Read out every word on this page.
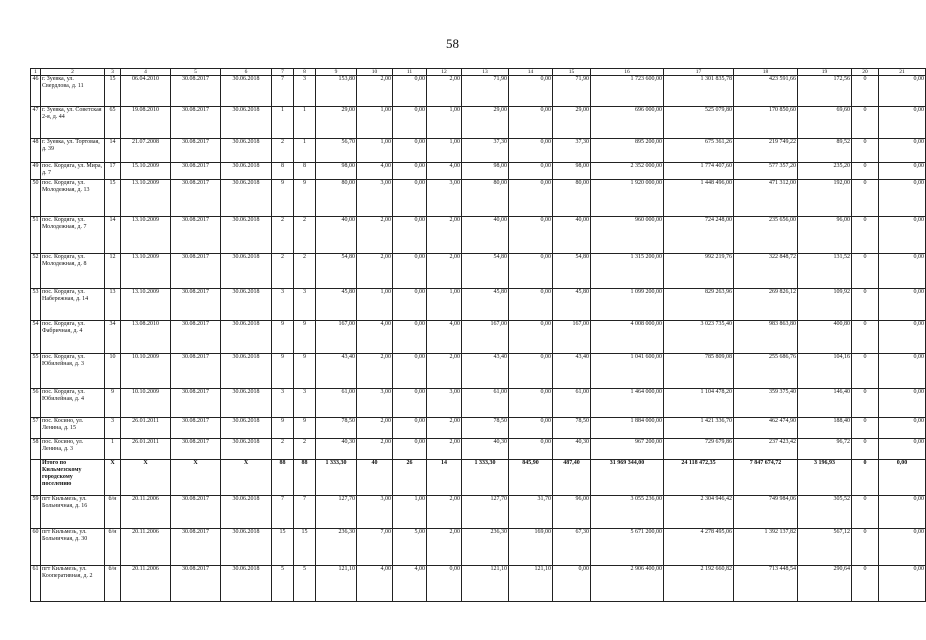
58
1	2	3	4	5	6	7	8	9	10	11	12	13	14	15	16	17	18	19	20	21
46	г. Зуевка, ул. Свердлова, д. 11	15	06.04.2010	30.08.2017	30.06.2018	7	3	153,80	2,00	0,00	2,00	71,90	0,00	71,90	1 723 600,00	1 301 835,78	423 591,66	172,56	0	0,00
47	г. Зуевка, ул. Советская 2-я, д. 44	65	19.08.2010	30.08.2017	30.06.2018	1	1	29,00	1,00	0,00	1,00	29,00	0,00	29,00	696 000,00	525 079,80	170 850,60	69,60	0	0,00
48	г. Зуевка, ул. Тортовая, д. 39	14	21.07.2008	30.08.2017	30.06.2018	2	1	56,70	1,00	0,00	1,00	37,30	0,00	37,30	895 200,00	675 361,26	219 749,22	89,52	0	0,00
49	пос. Кордяга, ул. Мира, д. 7	17	15.10.2009	30.08.2017	30.06.2018	8	8	98,00	4,00	0,00	4,00	98,00	0,00	98,00	2 352 000,00	1 774 407,60	577 357,20	235,20	0	0,00
50	пос. Кордяга, ул. Молодежная, д. 13	15	13.10.2009	30.08.2017	30.06.2018	9	9	80,00	3,00	0,00	3,00	80,00	0,00	80,00	1 920 000,00	1 448 496,00	471 312,00	192,00	0	0,00
51	пос. Кордяга, ул. Молодежная, д. 7	14	13.10.2009	30.08.2017	30.06.2018	2	2	40,00	2,00	0,00	2,00	40,00	0,00	40,00	960 000,00	724 248,00	235 656,00	96,00	0	0,00
52	пос. Кордяга, ул. Молодежная, д. 8	12	13.10.2009	30.08.2017	30.06.2018	2	2	54,80	2,00	0,00	2,00	54,80	0,00	54,80	1 315 200,00	992 219,76	322 848,72	131,52	0	0,00
53	пос. Кордяга, ул. Набережная, д. 14	13	13.10.2009	30.08.2017	30.06.2018	3	3	45,80	1,00	0,00	1,00	45,80	0,00	45,80	1 099 200,00	829 263,96	269 826,12	109,92	0	0,00
54	пос. Кордяга, ул. Фабричная, д. 4	34	13.08.2010	30.08.2017	30.06.2018	9	9	167,00	4,00	0,00	4,00	167,00	0,00	167,00	4 008 000,00	3 023 735,40	983 863,80	400,80	0	0,00
55	пос. Кордяга, ул. Юбилейная, д. 3	10	10.10.2009	30.08.2017	30.06.2018	9	9	43,40	2,00	0,00	2,00	43,40	0,00	43,40	1 041 600,00	785 809,08	255 686,76	104,16	0	0,00
56	пос. Кордяга, ул. Юбилейная, д. 4	9	10.10.2009	30.08.2017	30.06.2018	3	3	61,00	3,00	0,00	3,00	61,00	0,00	61,00	1 464 000,00	1 104 478,20	359 375,40	146,40	0	0,00
57	пос. Косино, ул. Ленина, д. 15	3	26.01.2011	30.08.2017	30.06.2018	9	9	78,50	2,00	0,00	2,00	78,50	0,00	78,50	1 884 000,00	1 421 336,70	462 474,90	188,40	0	0,00
58	пос. Косино, ул. Ленина, д. 3	1	26.01.2011	30.08.2017	30.06.2018	2	2	40,30	2,00	0,00	2,00	40,30	0,00	40,30	967 200,00	729 679,86	237 423,42	96,72	0	0,00
	Итого по Кильмезскому городскому поселению	X	X	X	X	88	88	1 333,30	40	26	14	1 333,30	845,90	487,40	31 969 344,00	24 118 472,35	7 847 674,72	3 196,93	0	0,00
59	пгт Кильмезь, ул. Больничная, д. 16	б/н	20.11.2006	30.08.2017	30.06.2018	7	7	127,70	3,00	1,00	2,00	127,70	31,70	96,00	3 055 236,00	2 304 946,42	749 984,06	305,52	0	0,00
60	пгт Кильмезь, ул. Больничная, д. 30	б/н	20.11.2006	30.08.2017	30.06.2018	15	15	236,30	7,00	5,00	2,00	236,30	169,00	67,30	5 671 200,00	4 278 495,06	1 392 137,82	567,12	0	0,00
61	пгт Кильмезь, ул. Кооперативная, д. 2	б/н	20.11.2006	30.08.2017	30.06.2018	5	5	121,10	4,00	4,00	0,00	121,10	121,10	0,00	2 906 400,00	2 192 660,82	713 448,54	290,64	0	0,00
